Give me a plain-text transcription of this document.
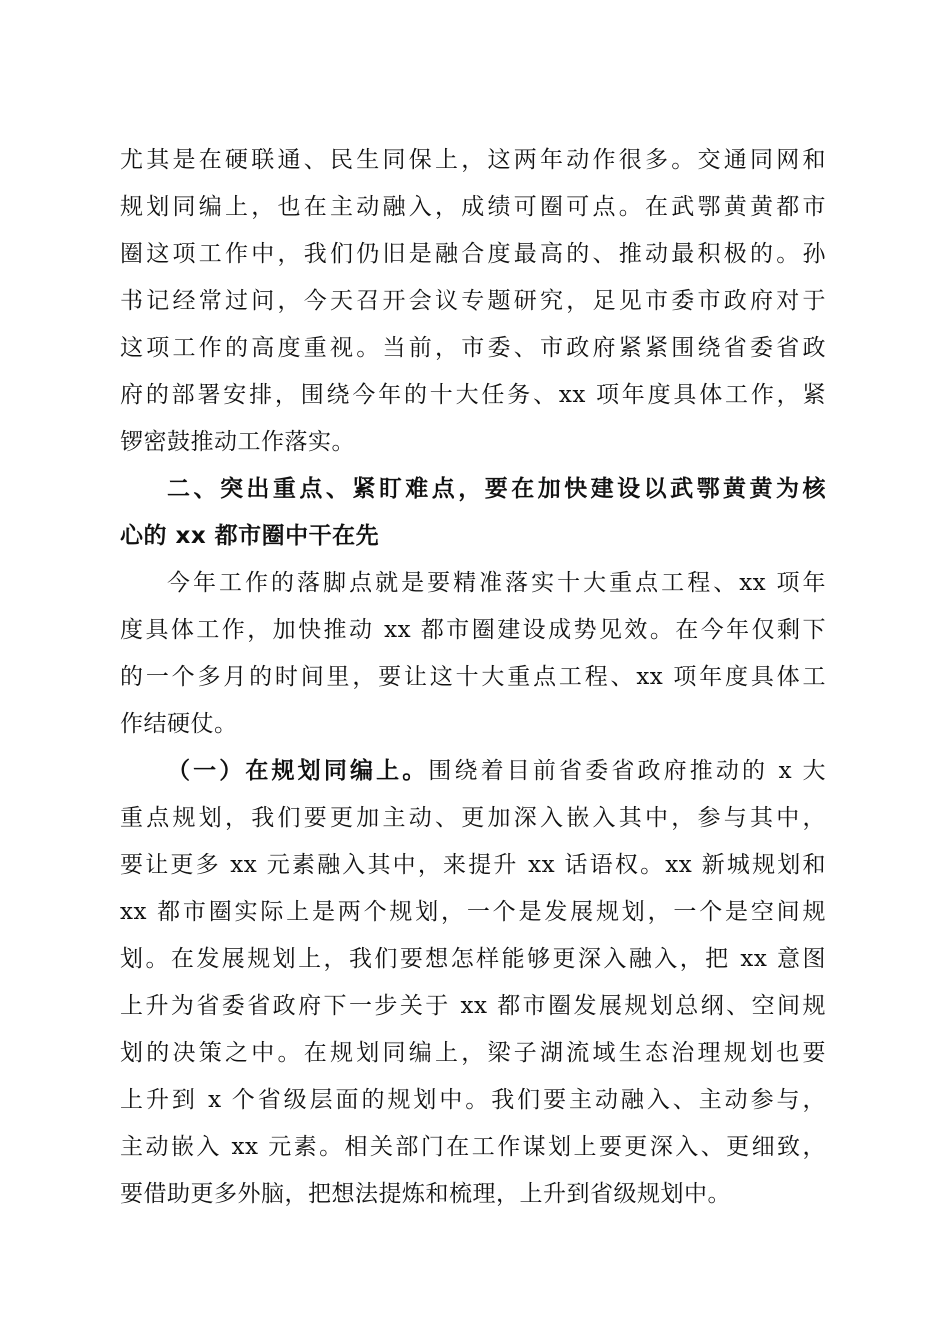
尤其是在硬联通、民生同保上，这两年动作很多。交通同网和
规划同编上，也在主动融入，成绩可圈可点。在武鄂黄黄都市
圈这项工作中，我们仍旧是融合度最高的、推动最积极的。孙
书记经常过问，今天召开会议专题研究，足见市委市政府对于
这项工作的高度重视。当前，市委、市政府紧紧围绕省委省政
府的部署安排，围绕今年的十大任务、xx 项年度具体工作，紧
锣密鼓推动工作落实。
二、突出重点、紧盯难点，要在加快建设以武鄂黄黄为核
心的 xx 都市圈中干在先
今年工作的落脚点就是要精准落实十大重点工程、xx 项年
度具体工作，加快推动 xx 都市圈建设成势见效。在今年仅剩下
的一个多月的时间里，要让这十大重点工程、xx 项年度具体工
作结硬仗。
（一）在规划同编上。围绕着目前省委省政府推动的 x 大
重点规划，我们要更加主动、更加深入嵌入其中，参与其中，
要让更多 xx 元素融入其中，来提升 xx 话语权。xx 新城规划和
xx 都市圈实际上是两个规划，一个是发展规划，一个是空间规
划。在发展规划上，我们要想怎样能够更深入融入，把 xx 意图
上升为省委省政府下一步关于 xx 都市圈发展规划总纲、空间规
划的决策之中。在规划同编上，梁子湖流域生态治理规划也要
上升到 x 个省级层面的规划中。我们要主动融入、主动参与，
主动嵌入 xx 元素。相关部门在工作谋划上要更深入、更细致，
要借助更多外脑，把想法提炼和梳理，上升到省级规划中。
